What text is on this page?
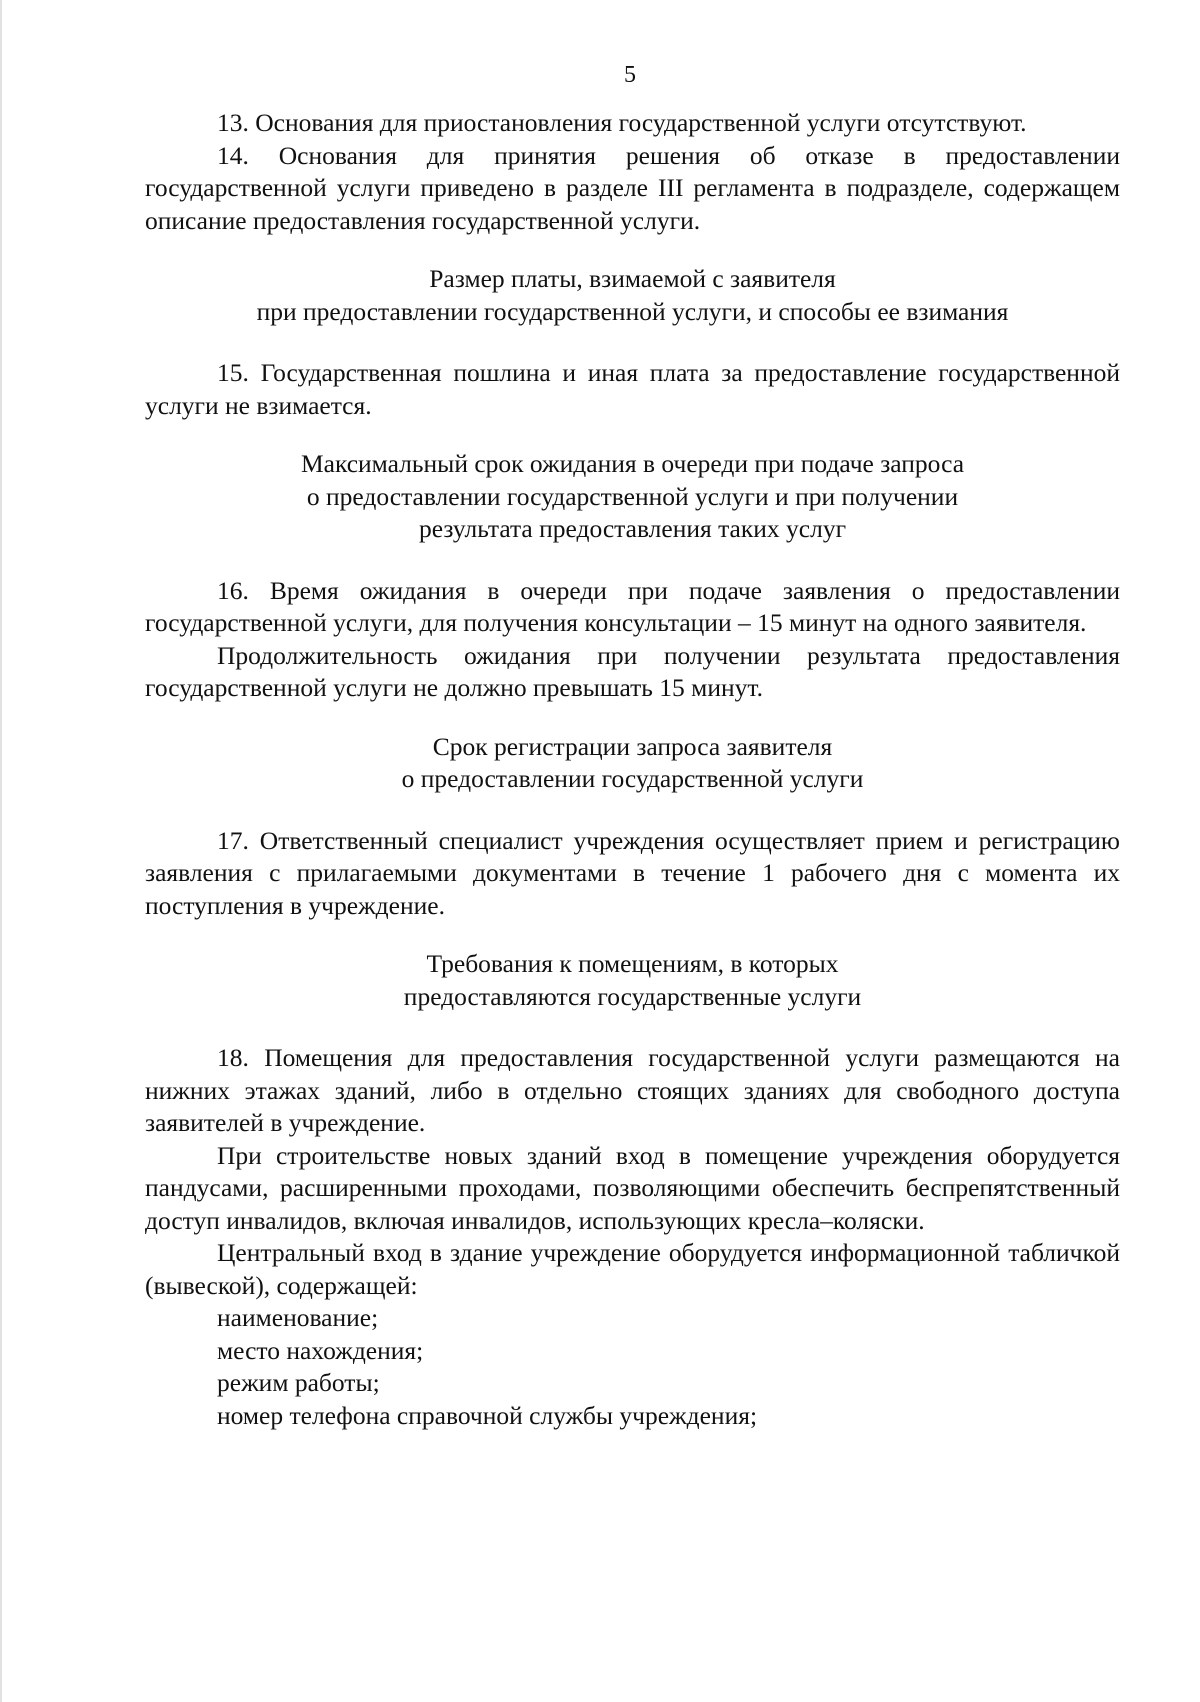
5

13. Основания для приостановления государственной услуги отсутствуют.

14. Основания для принятия решения об отказе в предоставлении государственной услуги приведено в разделе III регламента в подразделе, содержащем описание предоставления государственной услуги.

Размер платы, взимаемой с заявителя
при предоставлении государственной услуги, и способы ее взимания

15. Государственная пошлина и иная плата за предоставление государственной услуги не взимается.

Максимальный срок ожидания в очереди при подаче запроса
о предоставлении государственной услуги и при получении
результата предоставления таких услуг

16. Время ожидания в очереди при подаче заявления о предоставлении государственной услуги, для получения консультации – 15 минут на одного заявителя.

Продолжительность ожидания при получении результата предоставления государственной услуги не должно превышать 15 минут.

Срок регистрации запроса заявителя
о предоставлении государственной услуги

17. Ответственный специалист учреждения осуществляет прием и регистрацию заявления с прилагаемыми документами в течение 1 рабочего дня с момента их поступления в учреждение.

Требования к помещениям, в которых
предоставляются государственные услуги

18. Помещения для предоставления государственной услуги размещаются на нижних этажах зданий, либо в отдельно стоящих зданиях для свободного доступа заявителей в учреждение.

При строительстве новых зданий вход в помещение учреждения оборудуется пандусами, расширенными проходами, позволяющими обеспечить беспрепятственный доступ инвалидов, включая инвалидов, использующих кресла–коляски.

Центральный вход в здание учреждение оборудуется информационной табличкой (вывеской), содержащей:

наименование;

место нахождения;

режим работы;

номер телефона справочной службы учреждения;
